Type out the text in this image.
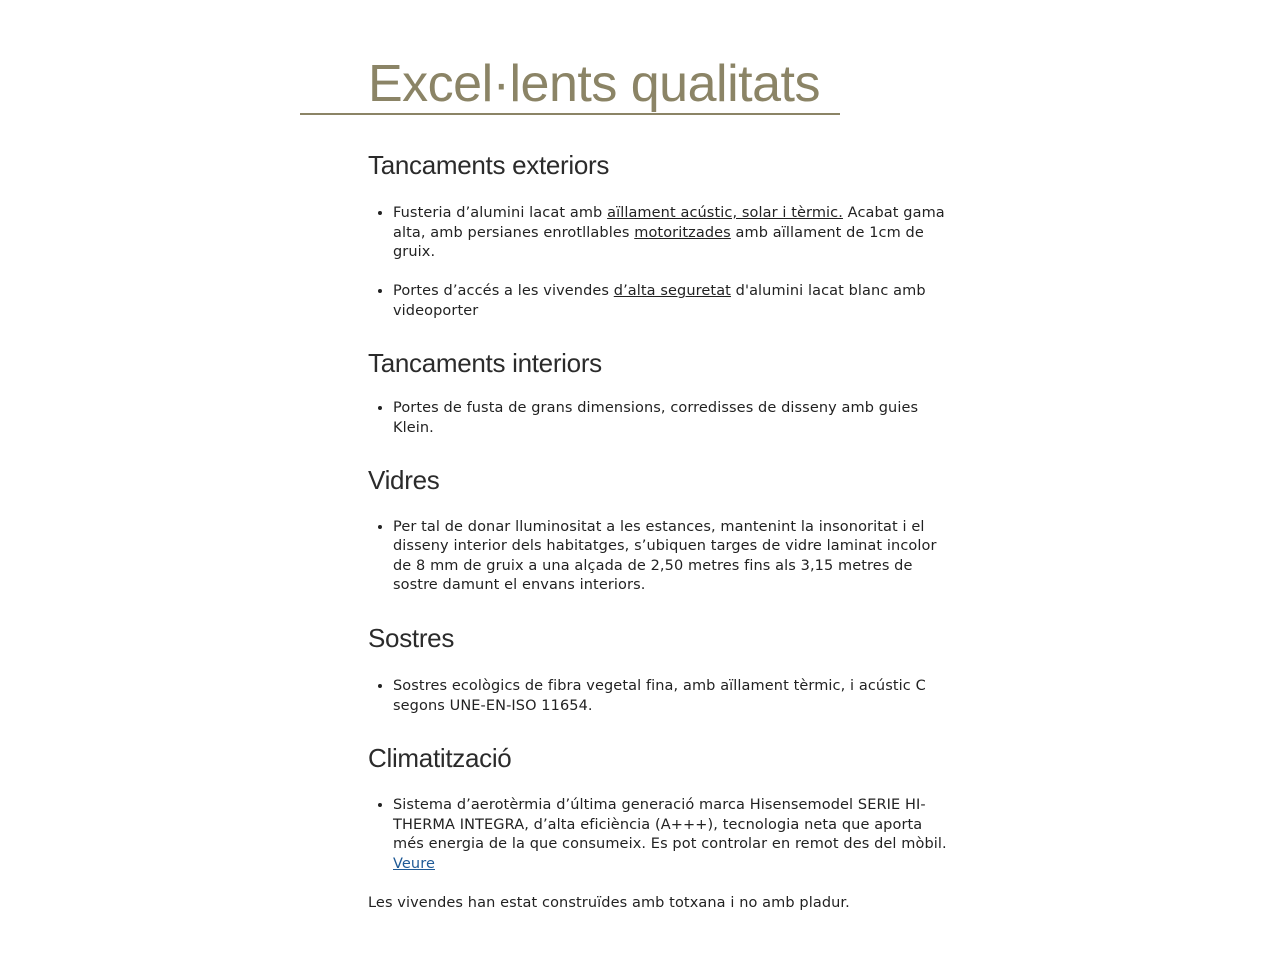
Excel·lents qualitats
Tancaments exteriors
• Fusteria d’alumini lacat amb aïllament acústic, solar i tèrmic. Acabat gama alta, amb persianes enrotllables motoritzades amb aïllament de 1cm de gruix.
• Portes d’accés a les vivendes d’alta seguretat d'alumini lacat blanc amb videoporter
Tancaments interiors
• Portes de fusta de grans dimensions, corredisses de disseny amb guies Klein.
Vidres
• Per tal de donar lluminositat a les estances, mantenint la insonoritat i el disseny interior dels habitatges, s’ubiquen targes de vidre laminat incolor de 8 mm de gruix a una alçada de 2,50 metres fins als 3,15 metres de sostre damunt el envans interiors.
Sostres
• Sostres ecològics de fibra vegetal fina, amb aïllament tèrmic, i acústic C segons UNE-EN-ISO 11654.
Climatització
• Sistema d’aerotèrmia d’última generació marca Hisensemodel SERIE HI-THERMA INTEGRA, d’alta eficiència (A+++), tecnologia neta que aporta més energia de la que consumeix. Es pot controlar en remot des del mòbil.
Veure

Les vivendes han estat construïdes amb totxana i no amb pladur.
